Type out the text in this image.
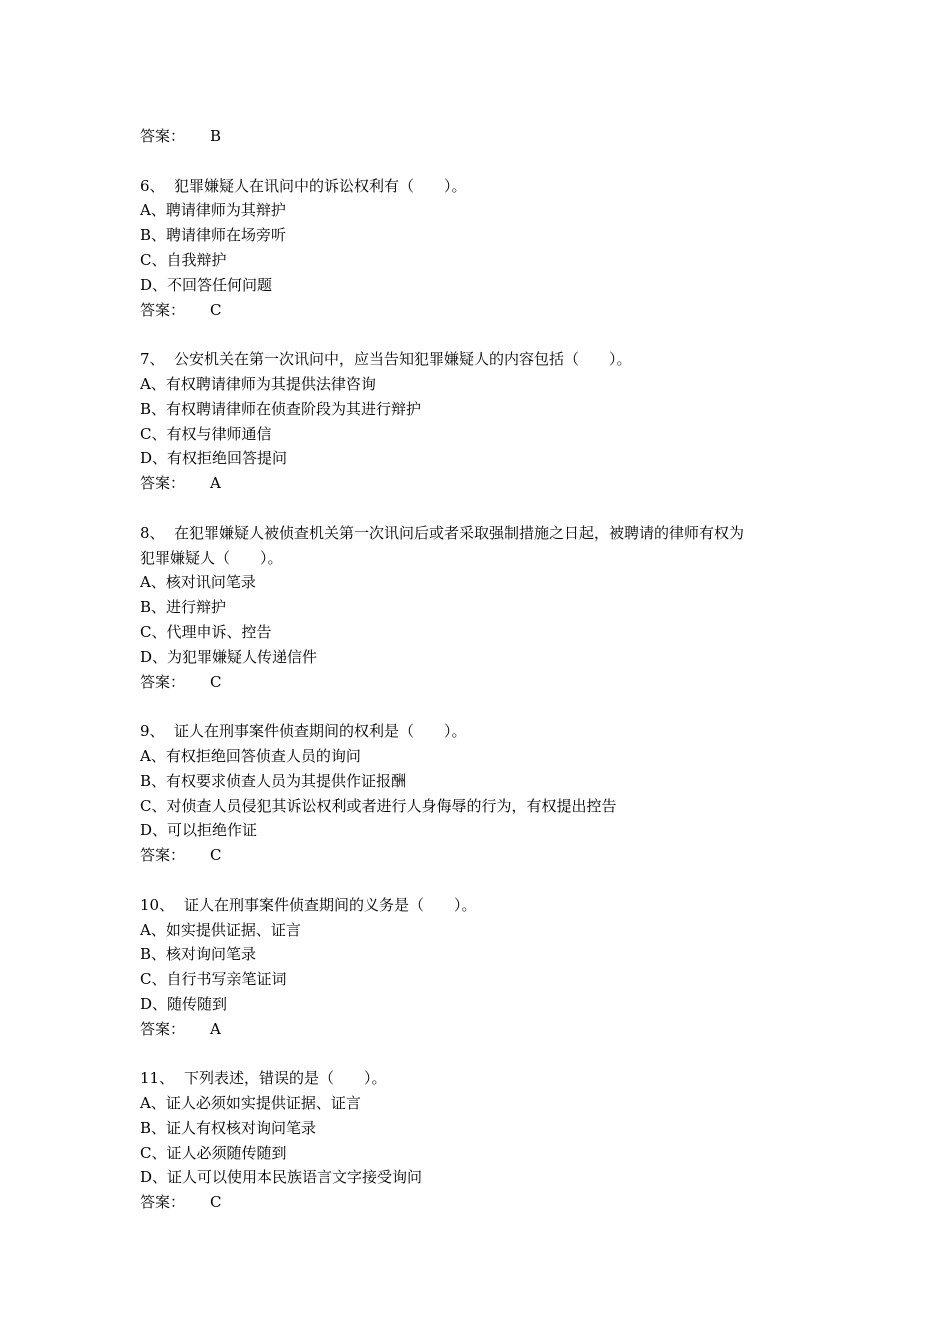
答案： B
6、 犯罪嫌疑人在讯问中的诉讼权利有（　　）。
A、聘请律师为其辩护
B、聘请律师在场旁听
C、自我辩护
D、不回答任何问题
答案： C
7、 公安机关在第一次讯问中，应当告知犯罪嫌疑人的内容包括（　　）。
A、有权聘请律师为其提供法律咨询
B、有权聘请律师在侦查阶段为其进行辩护
C、有权与律师通信
D、有权拒绝回答提问
答案： A
8、 在犯罪嫌疑人被侦查机关第一次讯问后或者采取强制措施之日起，被聘请的律师有权为
犯罪嫌疑人（　　）。
A、核对讯问笔录
B、进行辩护
C、代理申诉、控告
D、为犯罪嫌疑人传递信件
答案： C
9、 证人在刑事案件侦查期间的权利是（　　）。
A、有权拒绝回答侦查人员的询问
B、有权要求侦查人员为其提供作证报酬
C、对侦查人员侵犯其诉讼权利或者进行人身侮辱的行为，有权提出控告
D、可以拒绝作证
答案： C
10、 证人在刑事案件侦查期间的义务是（　　）。
A、如实提供证据、证言
B、核对询问笔录
C、自行书写亲笔证词
D、随传随到
答案： A
11、 下列表述，错误的是（　　）。
A、证人必须如实提供证据、证言
B、证人有权核对询问笔录
C、证人必须随传随到
D、证人可以使用本民族语言文字接受询问
答案： C
